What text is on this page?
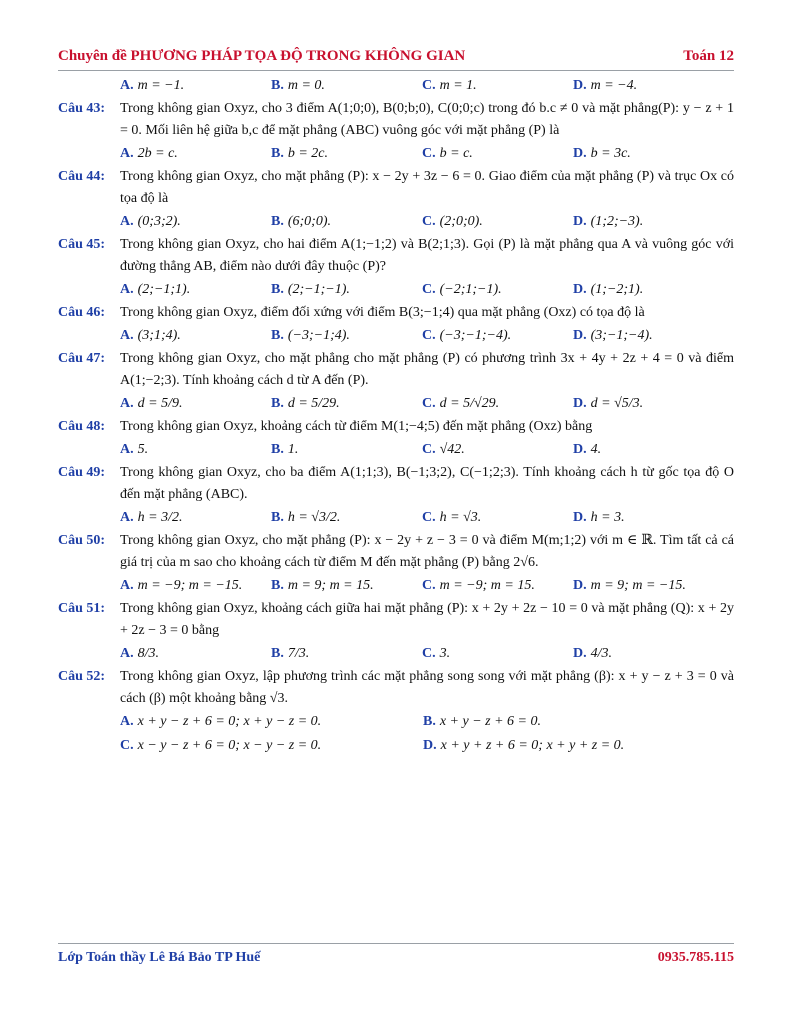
Chuyên đề PHƯƠNG PHÁP TỌA ĐỘ TRONG KHÔNG GIAN	Toán 12
A. m = −1.	B. m = 0.	C. m = 1.	D. m = −4.
Câu 43: Trong không gian Oxyz, cho 3 điểm A(1;0;0), B(0;b;0), C(0;0;c) trong đó b.c ≠ 0 và mặt phẳng(P): y − z + 1 = 0. Mối liên hệ giữa b,c để mặt phẳng (ABC) vuông góc với mặt phẳng (P) là
A. 2b = c.	B. b = 2c.	C. b = c.	D. b = 3c.
Câu 44: Trong không gian Oxyz, cho mặt phẳng (P): x − 2y + 3z − 6 = 0. Giao điểm của mặt phẳng (P) và trục Ox có tọa độ là
A. (0;3;2).	B. (6;0;0).	C. (2;0;0).	D. (1;2;−3).
Câu 45: Trong không gian Oxyz, cho hai điểm A(1;−1;2) và B(2;1;3). Gọi (P) là mặt phẳng qua A và vuông góc với đường thẳng AB, điểm nào dưới đây thuộc (P)?
A. (2;−1;1).	B. (2;−1;−1).	C. (−2;1;−1).	D. (1;−2;1).
Câu 46: Trong không gian Oxyz, điểm đối xứng với điểm B(3;−1;4) qua mặt phẳng (Oxz) có tọa độ là
A. (3;1;4).	B. (−3;−1;4).	C. (−3;−1;−4).	D. (3;−1;−4).
Câu 47: Trong không gian Oxyz, cho mặt phẳng cho mặt phẳng (P) có phương trình 3x + 4y + 2z + 4 = 0 và điểm A(1;−2;3). Tính khoảng cách d từ A đến (P).
A. d = 5/9.	B. d = 5/29.	C. d = 5/√29.	D. d = √5/3.
Câu 48: Trong không gian Oxyz, khoảng cách từ điểm M(1;−4;5) đến mặt phẳng (Oxz) bằng
A. 5.	B. 1.	C. √42.	D. 4.
Câu 49: Trong không gian Oxyz, cho ba điểm A(1;1;3), B(−1;3;2), C(−1;2;3). Tính khoảng cách h từ gốc tọa độ O đến mặt phẳng (ABC).
A. h = 3/2.	B. h = √3/2.	C. h = √3.	D. h = 3.
Câu 50: Trong không gian Oxyz, cho mặt phẳng (P): x − 2y + z − 3 = 0 và điểm M(m;1;2) với m ∈ ℝ. Tìm tất cả cá giá trị của m sao cho khoảng cách từ điểm M đến mặt phẳng (P) bằng 2√6.
A. m = −9; m = −15.	B. m = 9; m = 15.	C. m = −9; m = 15.	D. m = 9; m = −15.
Câu 51: Trong không gian Oxyz, khoảng cách giữa hai mặt phẳng (P): x + 2y + 2z − 10 = 0 và mặt phẳng (Q): x + 2y + 2z − 3 = 0 bằng
A. 8/3.	B. 7/3.	C. 3.	D. 4/3.
Câu 52: Trong không gian Oxyz, lập phương trình các mặt phẳng song song với mặt phẳng (β): x + y − z + 3 = 0 và cách (β) một khoảng bằng √3.
A. x + y − z + 6 = 0; x + y − z = 0.	B. x + y − z + 6 = 0.
C. x − y − z + 6 = 0; x − y − z = 0.	D. x + y + z + 6 = 0; x + y + z = 0.
Lớp Toán thầy Lê Bá Bảo TP Huế	0935.785.115
